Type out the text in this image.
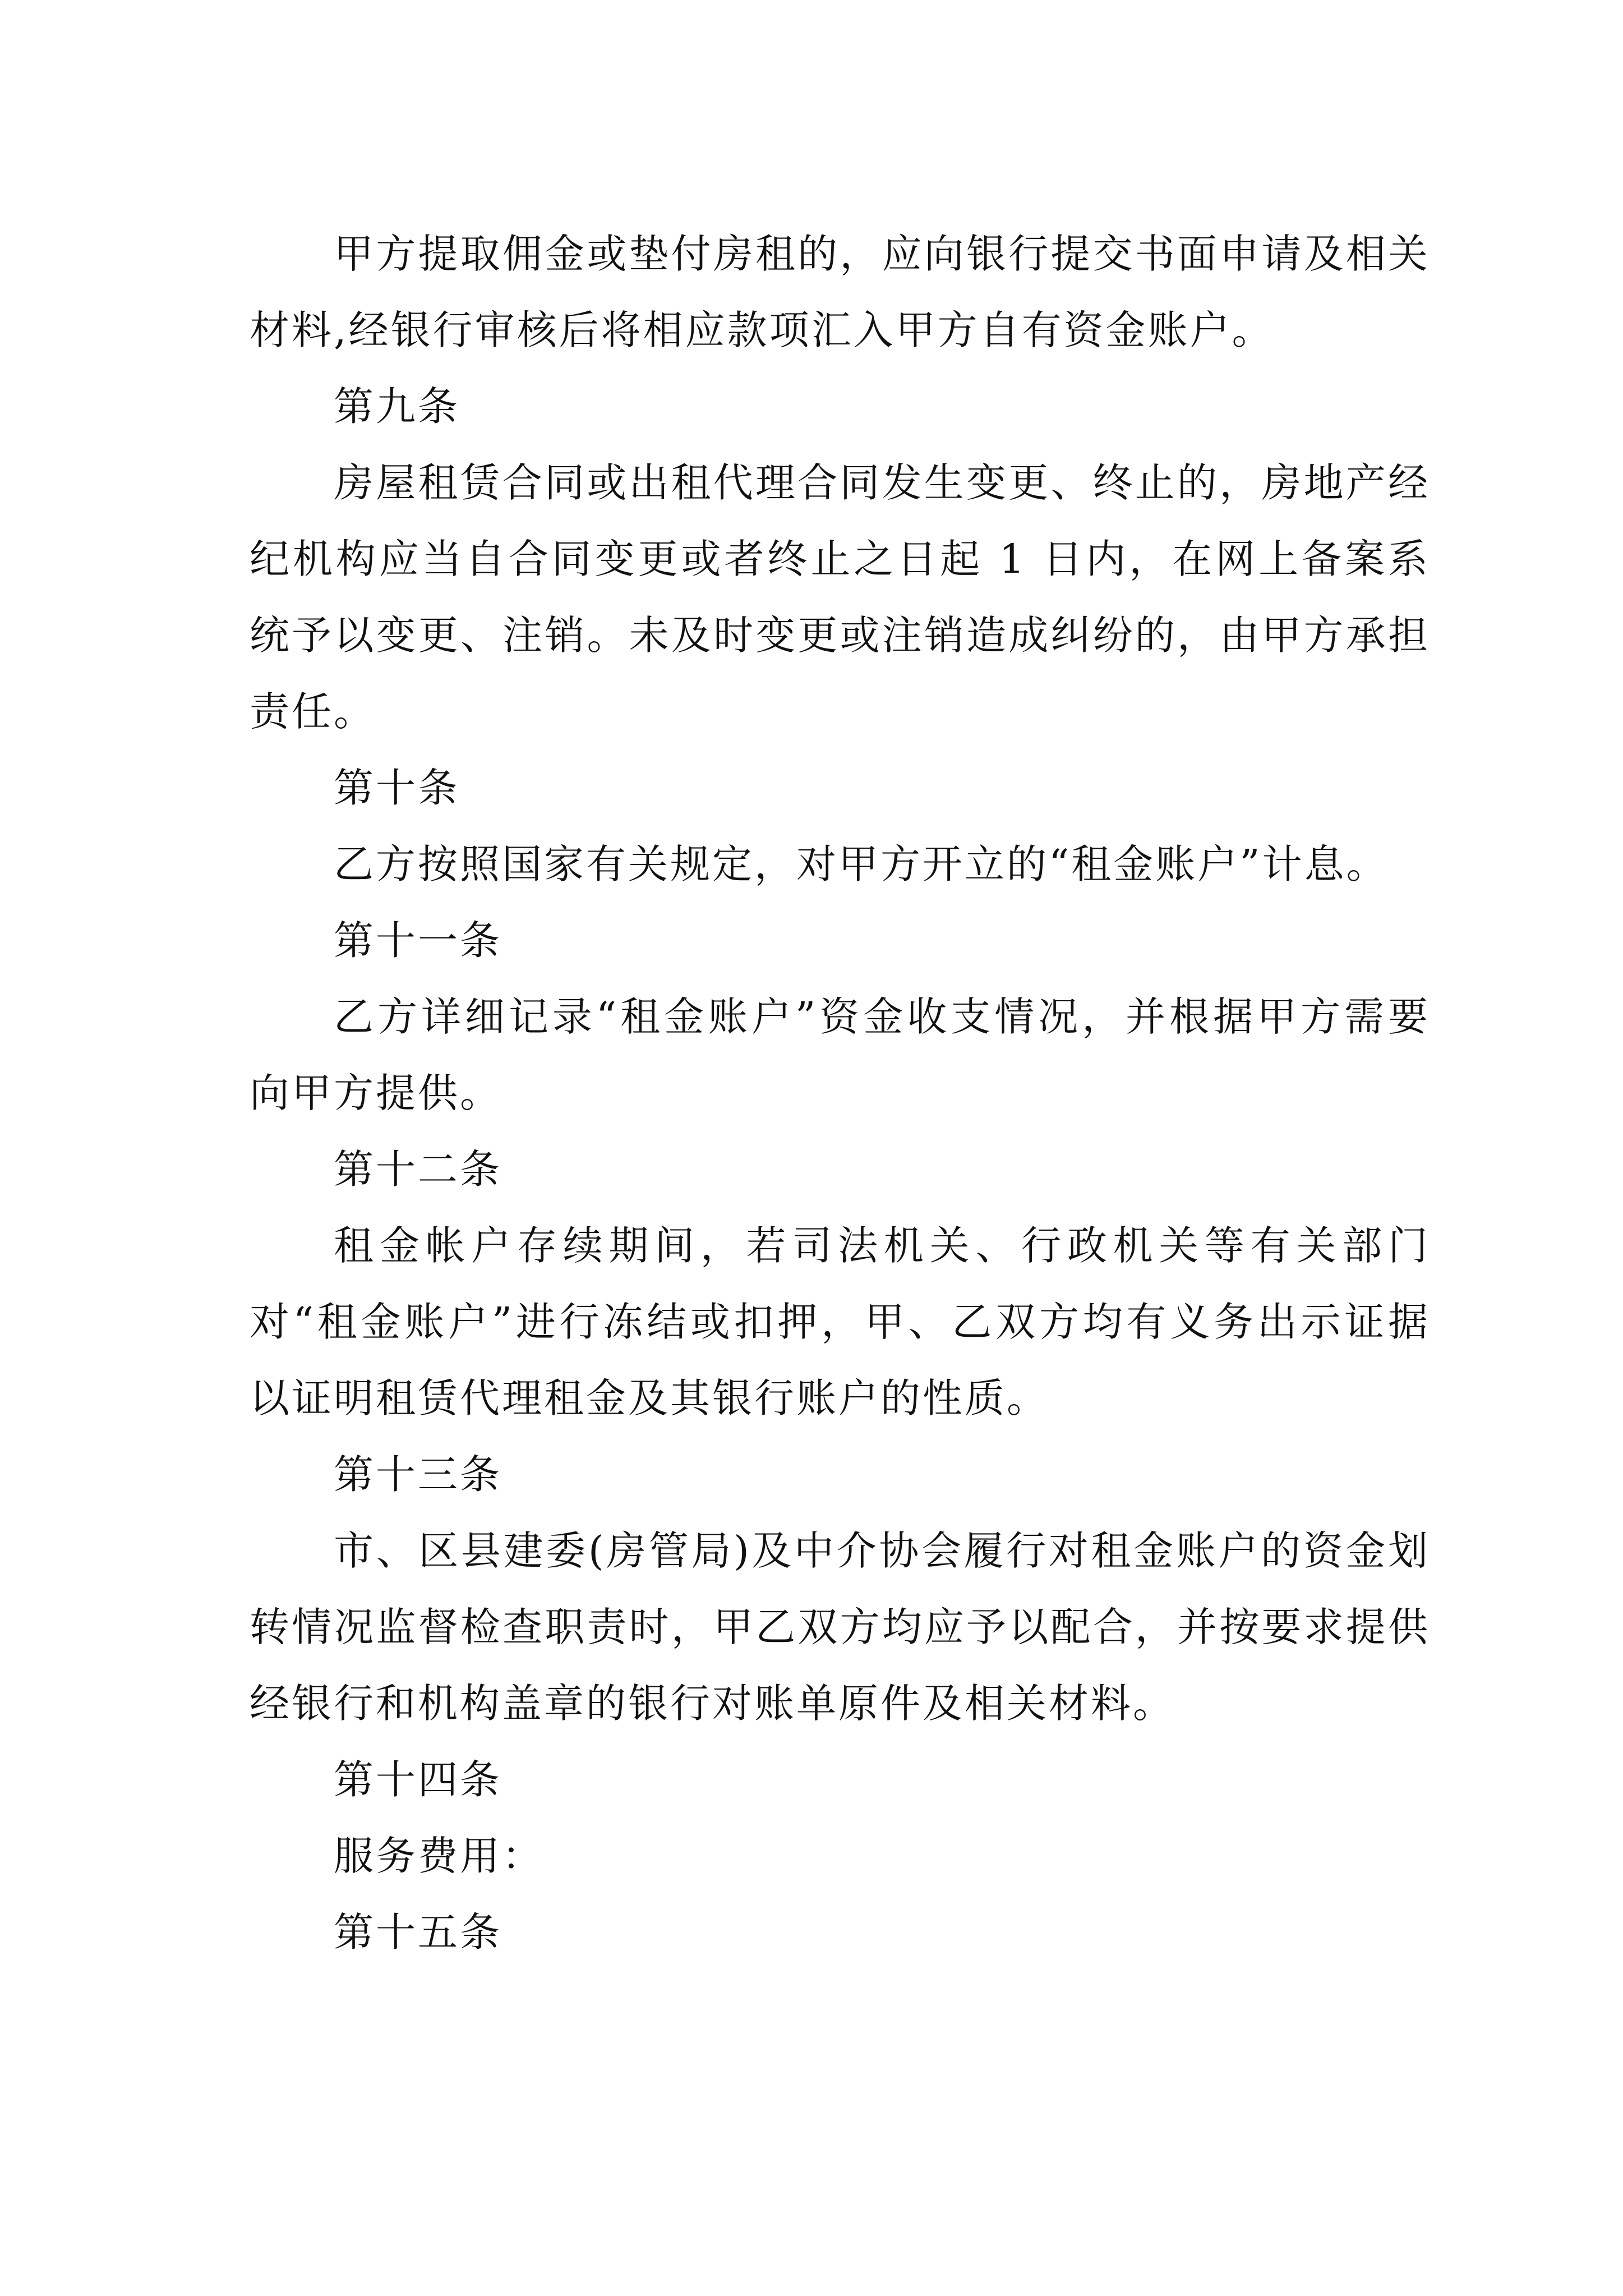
甲方提取佣金或垫付房租的，应向银行提交书面申请及相关材料,经银行审核后将相应款项汇入甲方自有资金账户。

第九条

房屋租赁合同或出租代理合同发生变更、终止的，房地产经纪机构应当自合同变更或者终止之日起 1 日内，在网上备案系统予以变更、注销。未及时变更或注销造成纠纷的，由甲方承担责任。

第十条

乙方按照国家有关规定，对甲方开立的“租金账户”计息。

第十一条

乙方详细记录“租金账户”资金收支情况，并根据甲方需要向甲方提供。

第十二条

租金帐户存续期间，若司法机关、行政机关等有关部门对“租金账户”进行冻结或扣押，甲、乙双方均有义务出示证据以证明租赁代理租金及其银行账户的性质。

第十三条

市、区县建委(房管局)及中介协会履行对租金账户的资金划转情况监督检查职责时，甲乙双方均应予以配合，并按要求提供经银行和机构盖章的银行对账单原件及相关材料。

第十四条

服务费用：

第十五条
